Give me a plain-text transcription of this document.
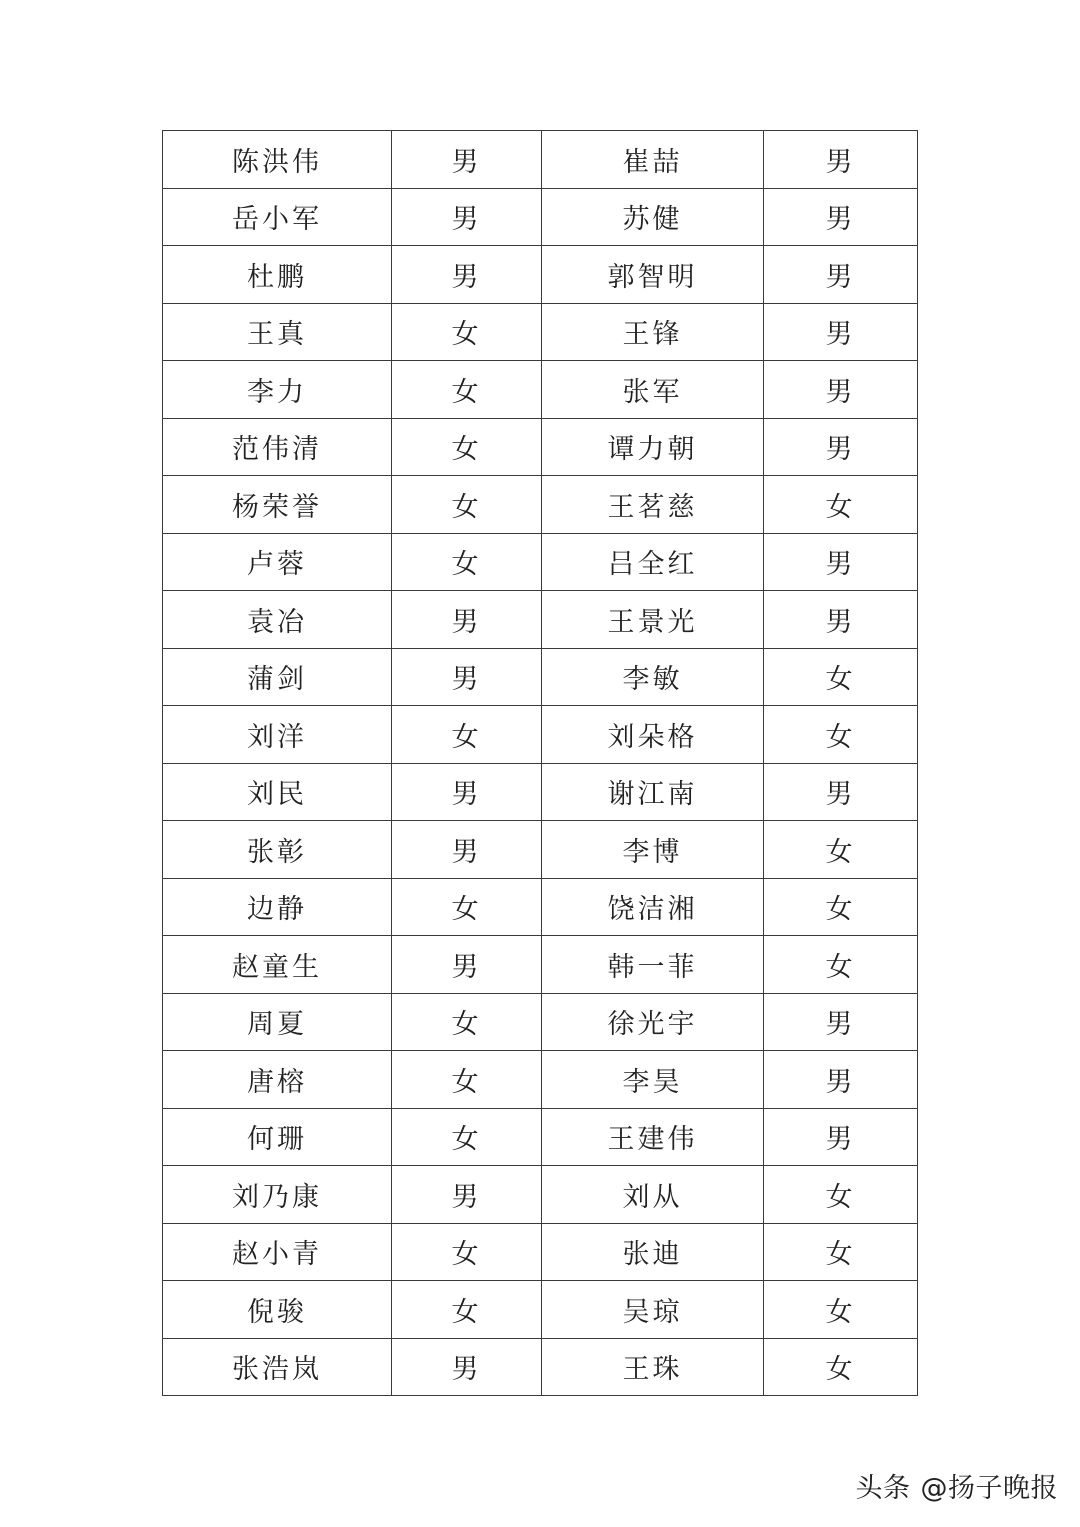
陈洪伟	男	崔喆	男
岳小军	男	苏健	男
杜鹏	男	郭智明	男
王真	女	王锋	男
李力	女	张军	男
范伟清	女	谭力朝	男
杨荣誉	女	王茗慈	女
卢蓉	女	吕全红	男
袁冶	男	王景光	男
蒲剑	男	李敏	女
刘洋	女	刘朵格	女
刘民	男	谢江南	男
张彰	男	李博	女
边静	女	饶洁湘	女
赵童生	男	韩一菲	女
周夏	女	徐光宇	男
唐榕	女	李昊	男
何珊	女	王建伟	男
刘乃康	男	刘从	女
赵小青	女	张迪	女
倪骏	女	吴琼	女
张浩岚	男	王珠	女
头条 @扬子晚报
